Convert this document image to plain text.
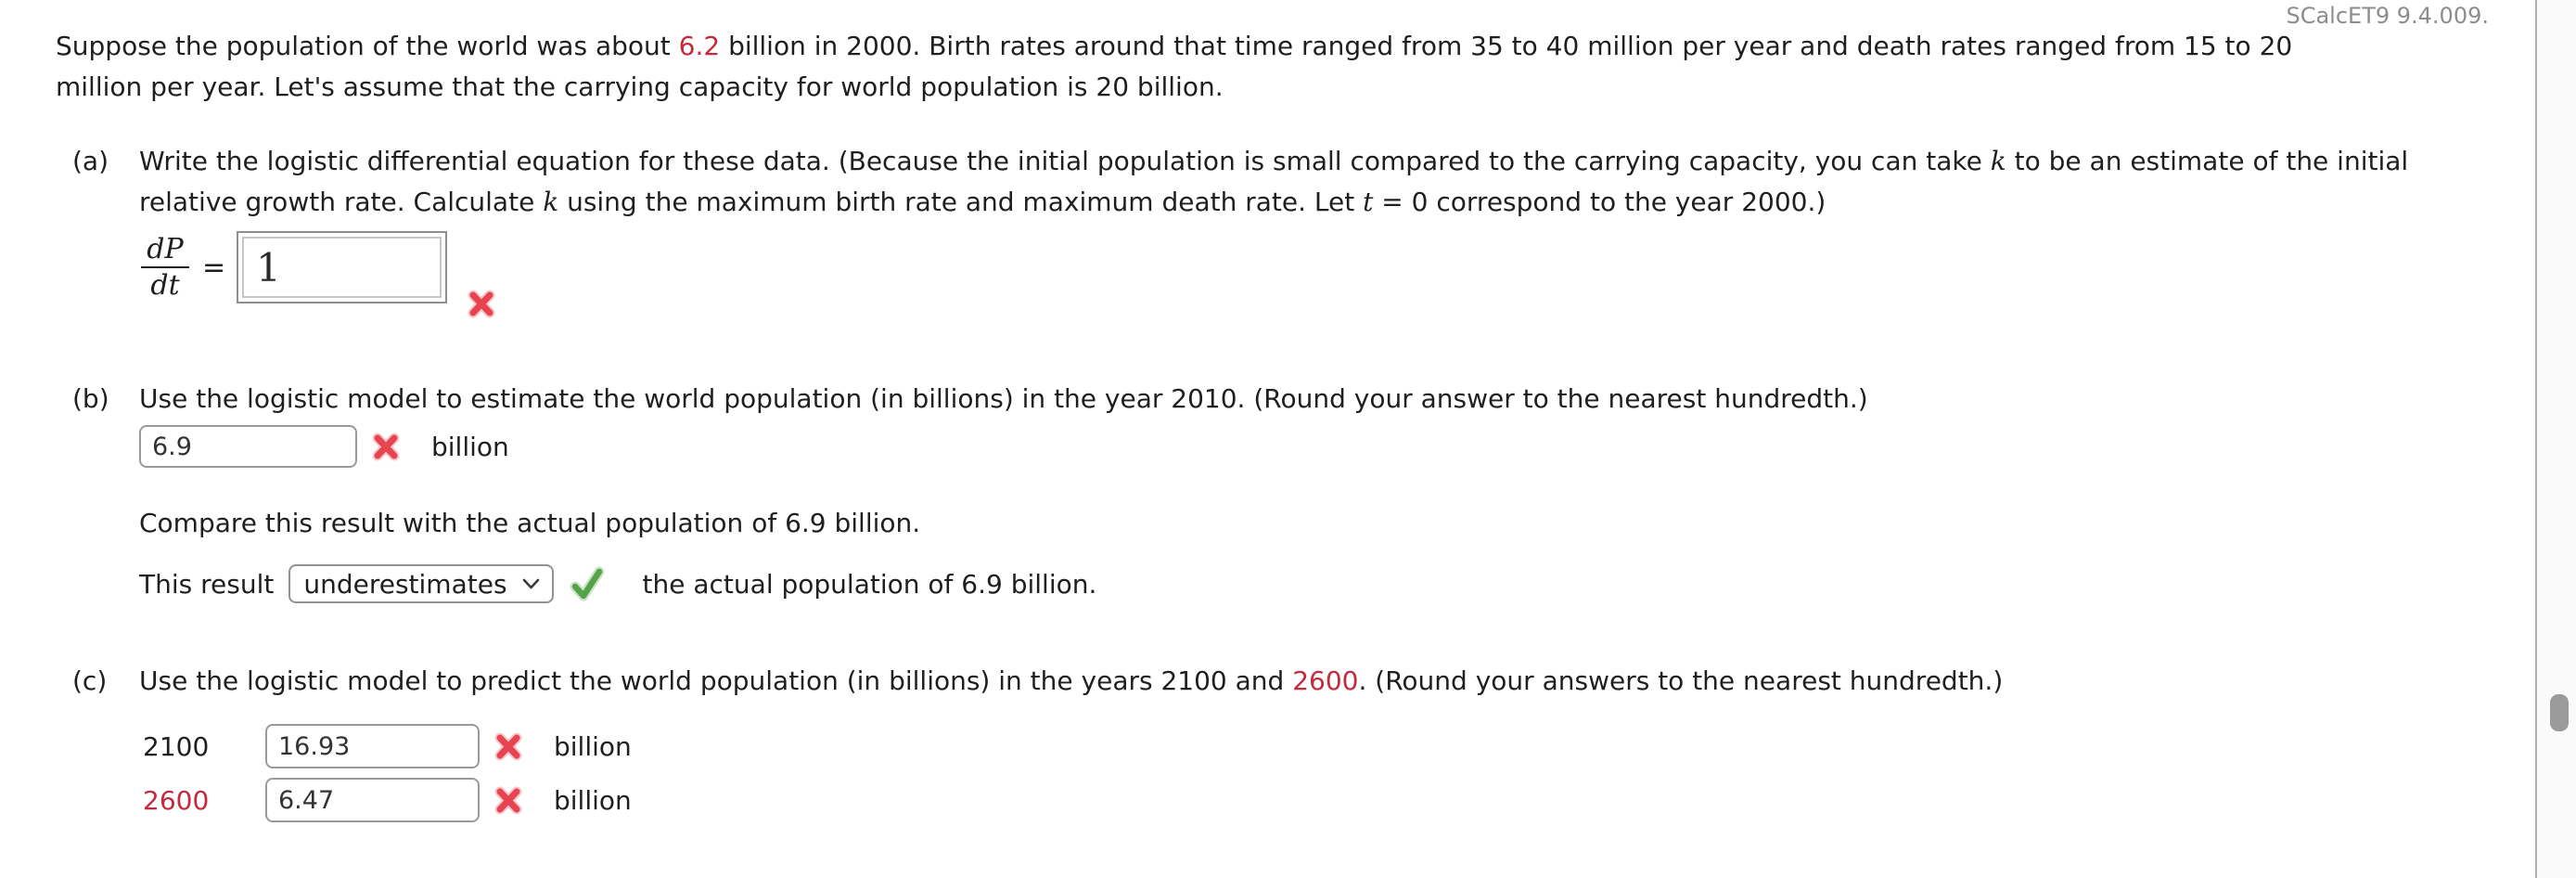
SCalcET9 9.4.009.

Suppose the population of the world was about 6.2 billion in 2000. Birth rates around that time ranged from 35 to 40 million per year and death rates ranged from 15 to 20 million per year. Let's assume that the carrying capacity for world population is 20 billion.

(a)	Write the logistic differential equation for these data. (Because the initial population is small compared to the carrying capacity, you can take k to be an estimate of the initial relative growth rate. Calculate k using the maximum birth rate and maximum death rate. Let t = 0 correspond to the year 2000.)

$\frac{dP}{dt} = 1$
(b)	Use the logistic model to estimate the world population (in billions) in the year 2010. (Round your answer to the nearest hundredth.)

6.9
billion

Compare this result with the actual population of 6.9 billion.

This result underestimates	the actual population of 6.9 billion.
(c)	Use the logistic model to predict the world population (in billions) in the years 2100 and 2600. (Round your answers to the nearest hundredth.)

2100
16.93	billion
2600
6.47	billion
